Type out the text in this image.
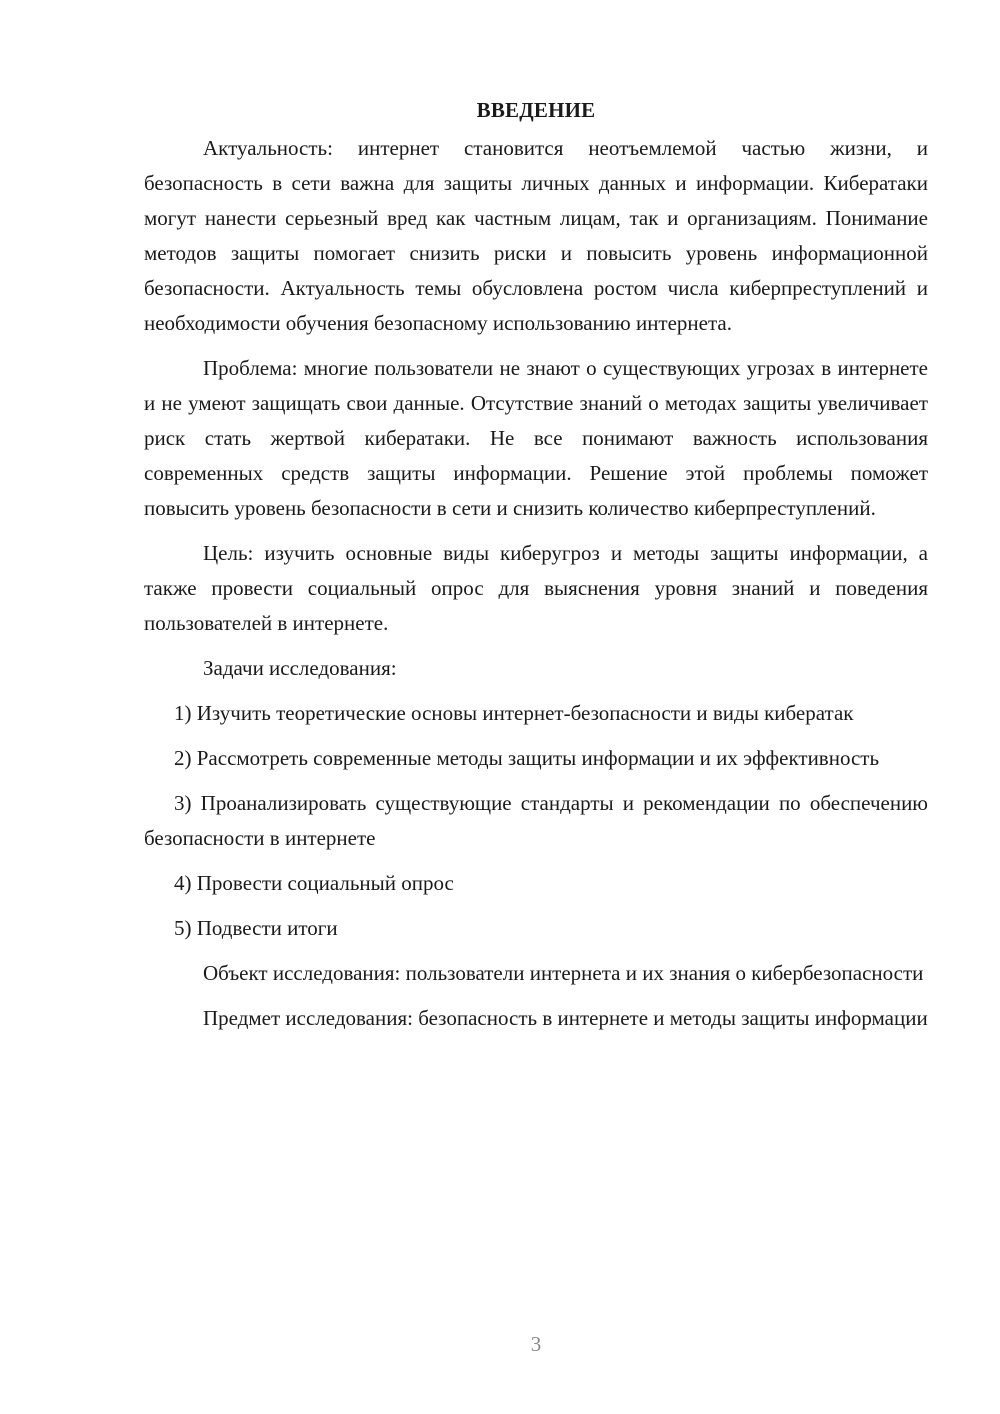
ВВЕДЕНИЕ

Актуальность: интернет становится неотъемлемой частью жизни, и безопасность в сети важна для защиты личных данных и информации. Кибератаки могут нанести серьезный вред как частным лицам, так и организациям. Понимание методов защиты помогает снизить риски и повысить уровень информационной безопасности. Актуальность темы обусловлена ростом числа киберпреступлений и необходимости обучения безопасному использованию интернета.

Проблема: многие пользователи не знают о существующих угрозах в интернете и не умеют защищать свои данные. Отсутствие знаний о методах защиты увеличивает риск стать жертвой кибератаки. Не все понимают важность использования современных средств защиты информации. Решение этой проблемы поможет повысить уровень безопасности в сети и снизить количество киберпреступлений.

Цель: изучить основные виды киберугроз и методы защиты информации, а также провести социальный опрос для выяснения уровня знаний и поведения пользователей в интернете.

Задачи исследования:

1) Изучить теоретические основы интернет-безопасности и виды кибератак

2) Рассмотреть современные методы защиты информации и их эффективность

3) Проанализировать существующие стандарты и рекомендации по обеспечению безопасности в интернете

4) Провести социальный опрос

5) Подвести итоги

Объект исследования: пользователи интернета и их знания о кибербезопасности

Предмет исследования: безопасность в интернете и методы защиты информации

3
